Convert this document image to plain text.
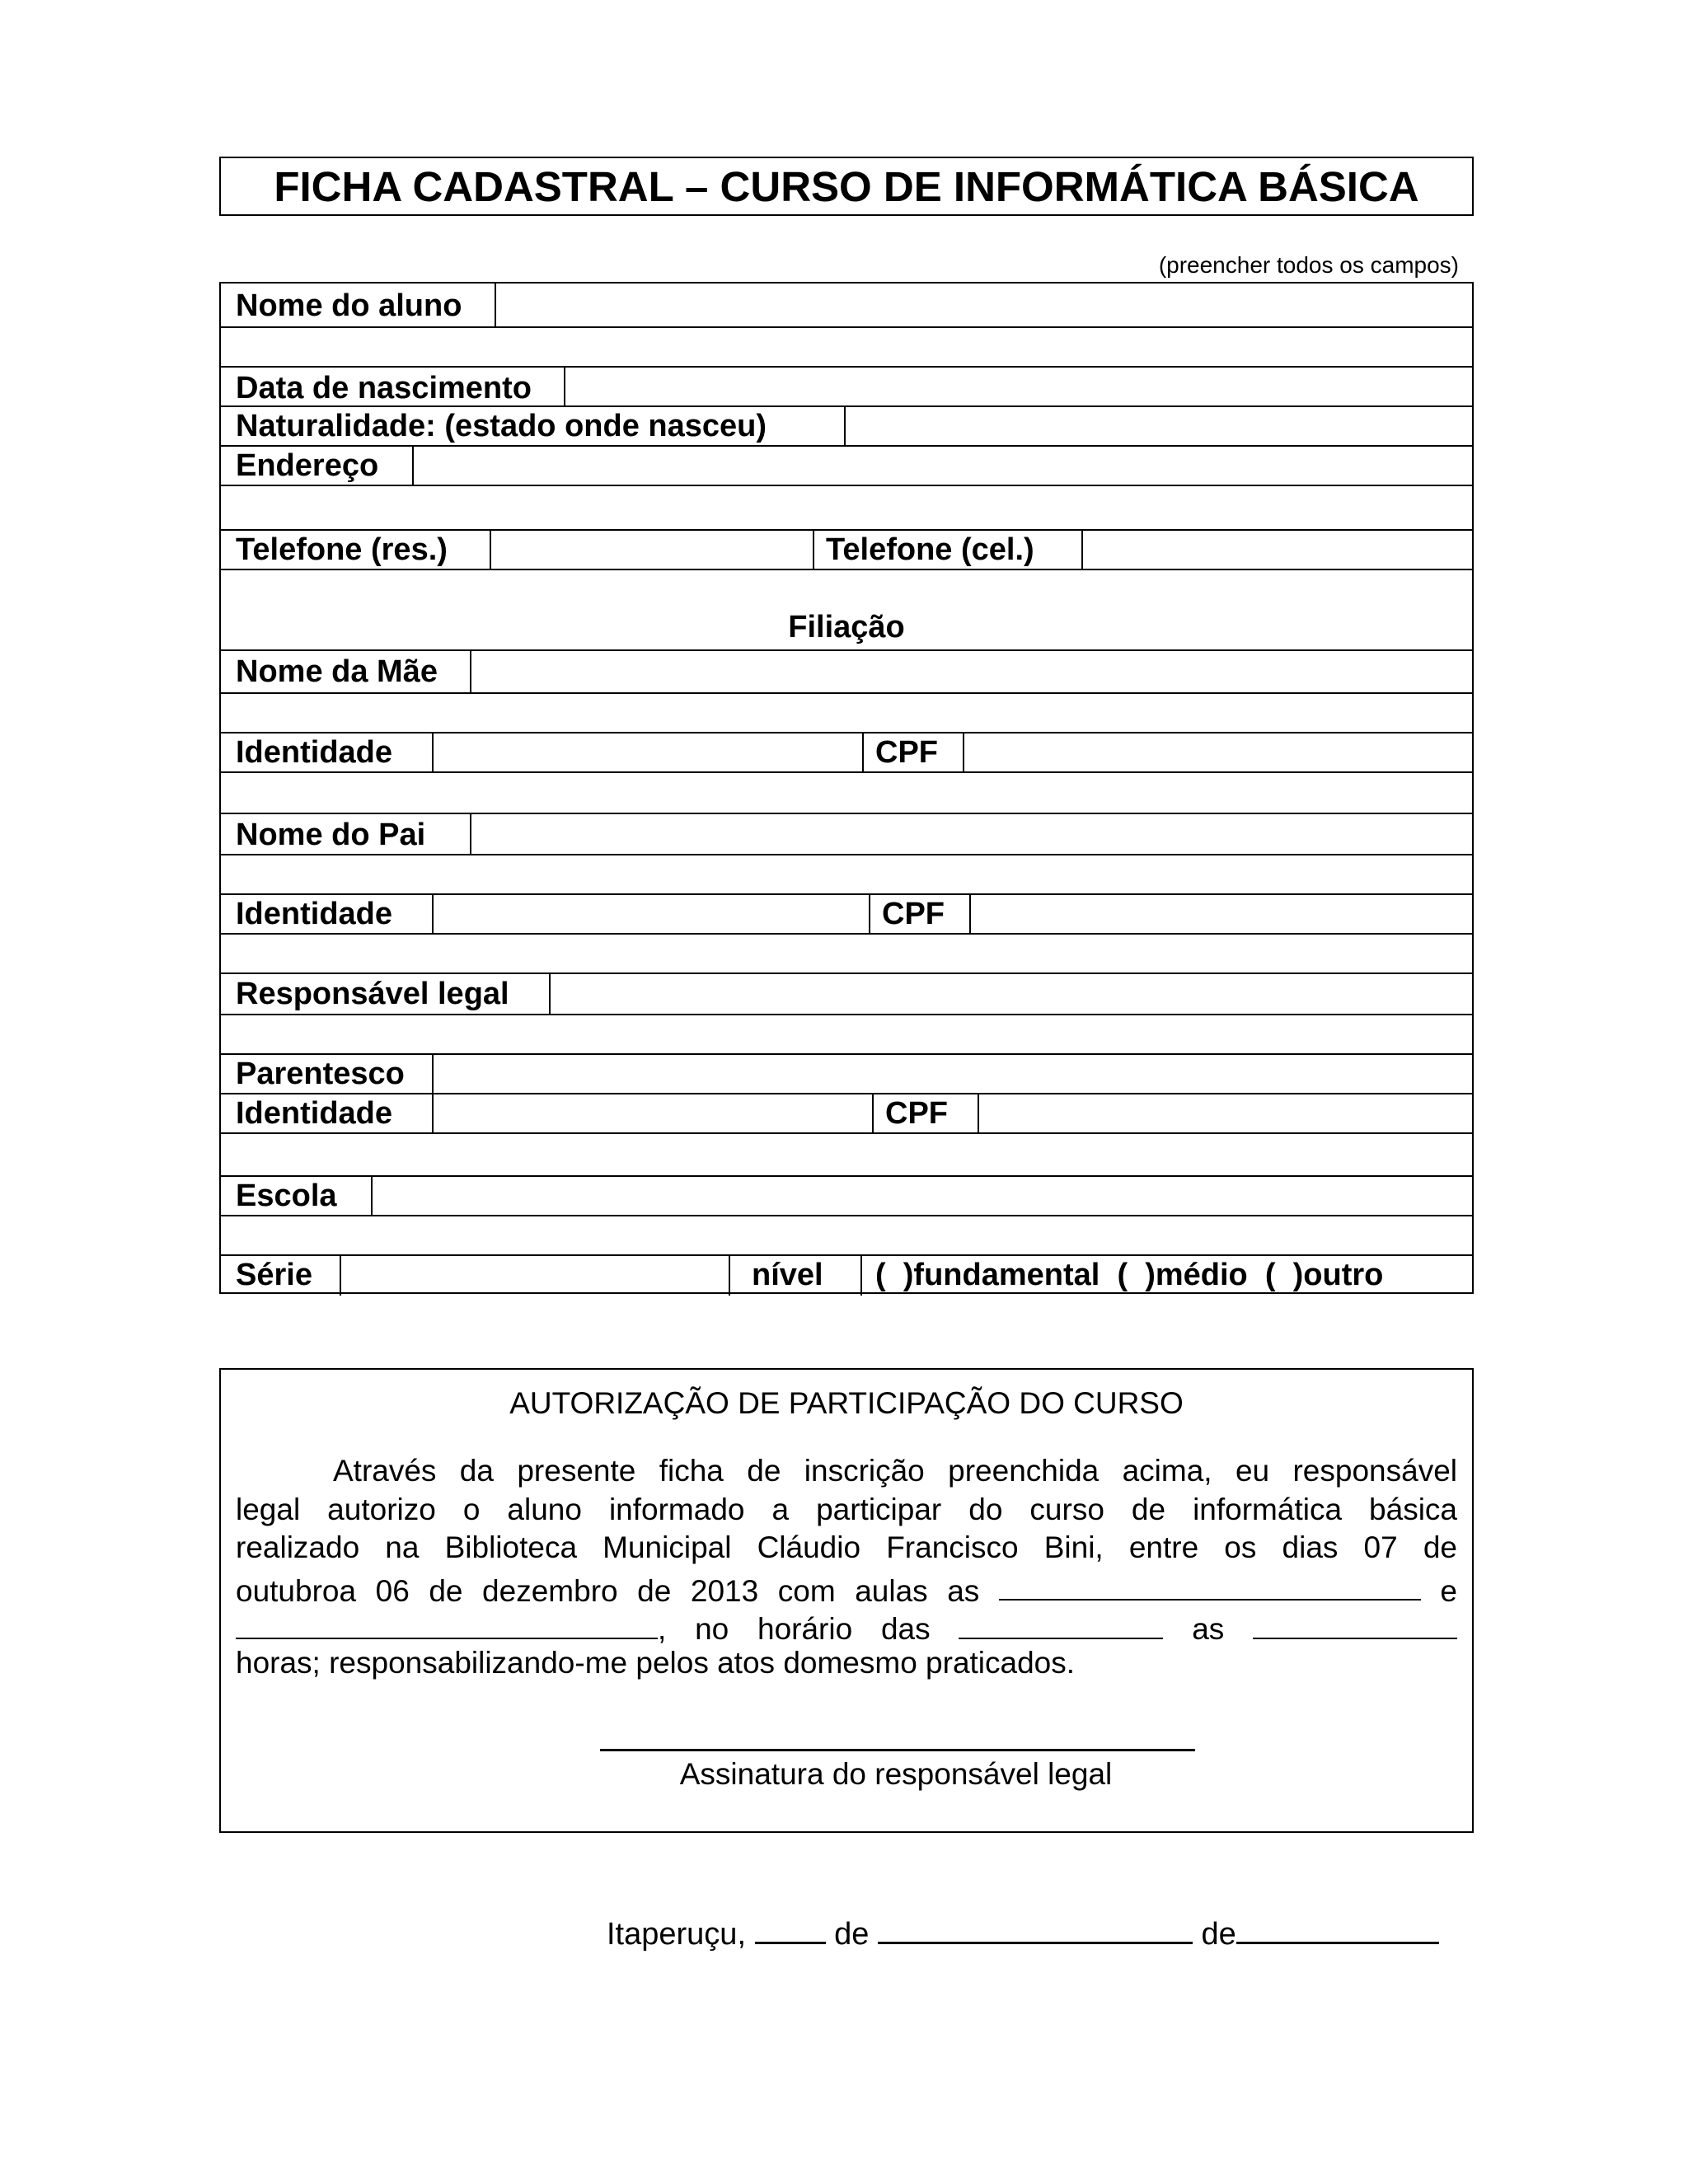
FICHA CADASTRAL – CURSO DE INFORMÁTICA BÁSICA
(preencher todos os campos)
Nome do aluno
Data de nascimento
Naturalidade: (estado onde nasceu)
Endereço
Telefone (res.)	Telefone (cel.)
Filiação
Nome da Mãe
Identidade	CPF
Nome do Pai
Identidade	CPF
Responsável legal
Parentesco
Identidade	CPF
Escola
Série	nível (  )fundamental  (  )médio  (  )outro
AUTORIZAÇÃO DE PARTICIPAÇÃO DO CURSO
Através da presente ficha de inscrição preenchida acima, eu responsável
legal autorizo o aluno informado a participar do curso de informática básica
realizado na Biblioteca Municipal Cláudio Francisco Bini, entre os dias 07 de
outubroa 06 de dezembro de 2013 com aulas as	e
, no horário das	as
horas; responsabilizando-me pelos atos domesmo praticados.
Assinatura do responsável legal
Itaperuçu,	de	de
